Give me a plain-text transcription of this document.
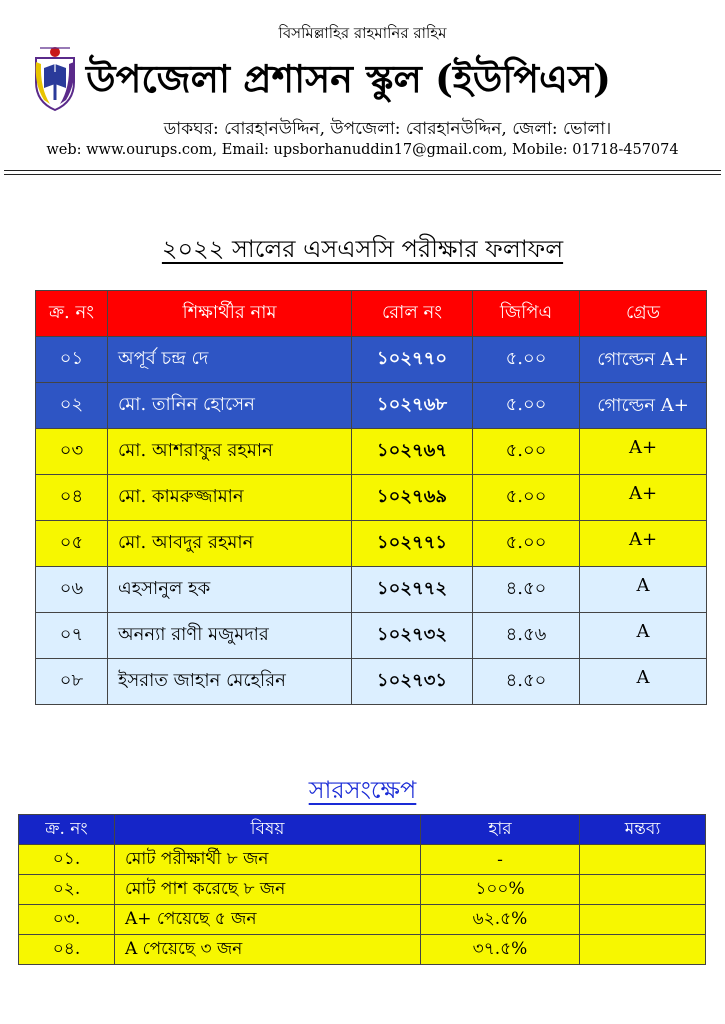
বিসমিল্লাহির রাহমানির রাহিম
উপজেলা প্রশাসন স্কুল (ইউপিএস)
ডাকঘর: বোরহানউদ্দিন, উপজেলা: বোরহানউদ্দিন, জেলা: ভোলা।
web: www.ourups.com, Email: upsborhanuddin17@gmail.com, Mobile: 01718-457074
২০২২ সালের এসএসসি পরীক্ষার ফলাফল
ক্র. নং	শিক্ষার্থীর নাম	রোল নং	জিপিএ	গ্রেড
০১	অপূর্ব চন্দ্র দে	১০২৭৭০	৫.০০	গোল্ডেন A+
০২	মো. তানিন হোসেন	১০২৭৬৮	৫.০০	গোল্ডেন A+
০৩	মো. আশরাফুর রহমান	১০২৭৬৭	৫.০০	A+
০৪	মো. কামরুজ্জামান	১০২৭৬৯	৫.০০	A+
০৫	মো. আবদুর রহমান	১০২৭৭১	৫.০০	A+
০৬	এহসানুল হক	১০২৭৭২	৪.৫০	A
০৭	অনন্যা রাণী মজুমদার	১০২৭৩২	৪.৫৬	A
০৮	ইসরাত জাহান মেহেরিন	১০২৭৩১	৪.৫০	A
সারসংক্ষেপ
ক্র. নং	বিষয়	হার	মন্তব্য
০১.	মোট পরীক্ষার্থী ৮ জন	-	
০২.	মোট পাশ করেছে ৮ জন	১০০%	
০৩.	A+ পেয়েছে ৫ জন	৬২.৫%	
০৪.	A পেয়েছে ৩ জন	৩৭.৫%	
